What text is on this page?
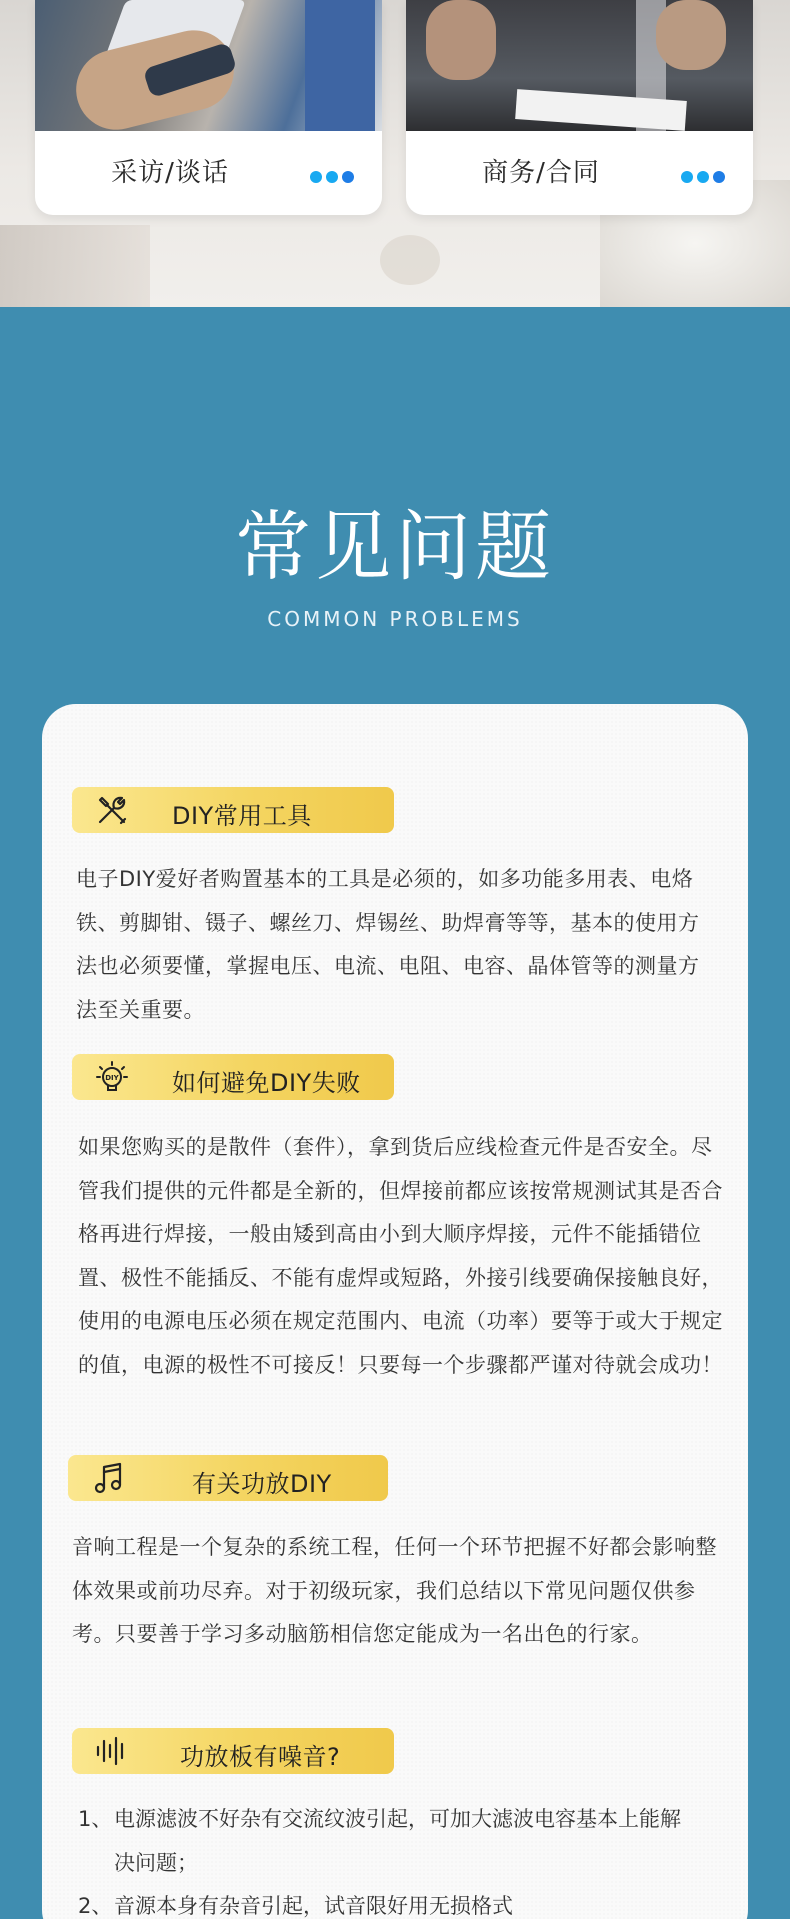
采访/谈话	商务/合同
常见问题
COMMON PROBLEMS
DIY常用工具
电子DIY爱好者购置基本的工具是必须的，如多功能多用表、电烙铁、剪脚钳、镊子、螺丝刀、焊锡丝、助焊膏等等，基本的使用方法也必须要懂，掌握电压、电流、电阻、电容、晶体管等的测量方法至关重要。
DIY 如何避免DIY失败
如果您购买的是散件（套件），拿到货后应线检查元件是否安全。尽管我们提供的元件都是全新的，但焊接前都应该按常规测试其是否合格再进行焊接，一般由矮到高由小到大顺序焊接，元件不能插错位置、极性不能插反、不能有虚焊或短路，外接引线要确保接触良好，使用的电源电压必须在规定范围内、电流（功率）要等于或大于规定的值，电源的极性不可接反！只要每一个步骤都严谨对待就会成功！
有关功放DIY
音响工程是一个复杂的系统工程，任何一个环节把握不好都会影响整体效果或前功尽弃。对于初级玩家，我们总结以下常见问题仅供参考。只要善于学习多动脑筋相信您定能成为一名出色的行家。
功放板有噪音?
1、 电源滤波不好杂有交流纹波引起，可加大滤波电容基本上能解决问题；
2、 音源本身有杂音引起，试音限好用无损格式
